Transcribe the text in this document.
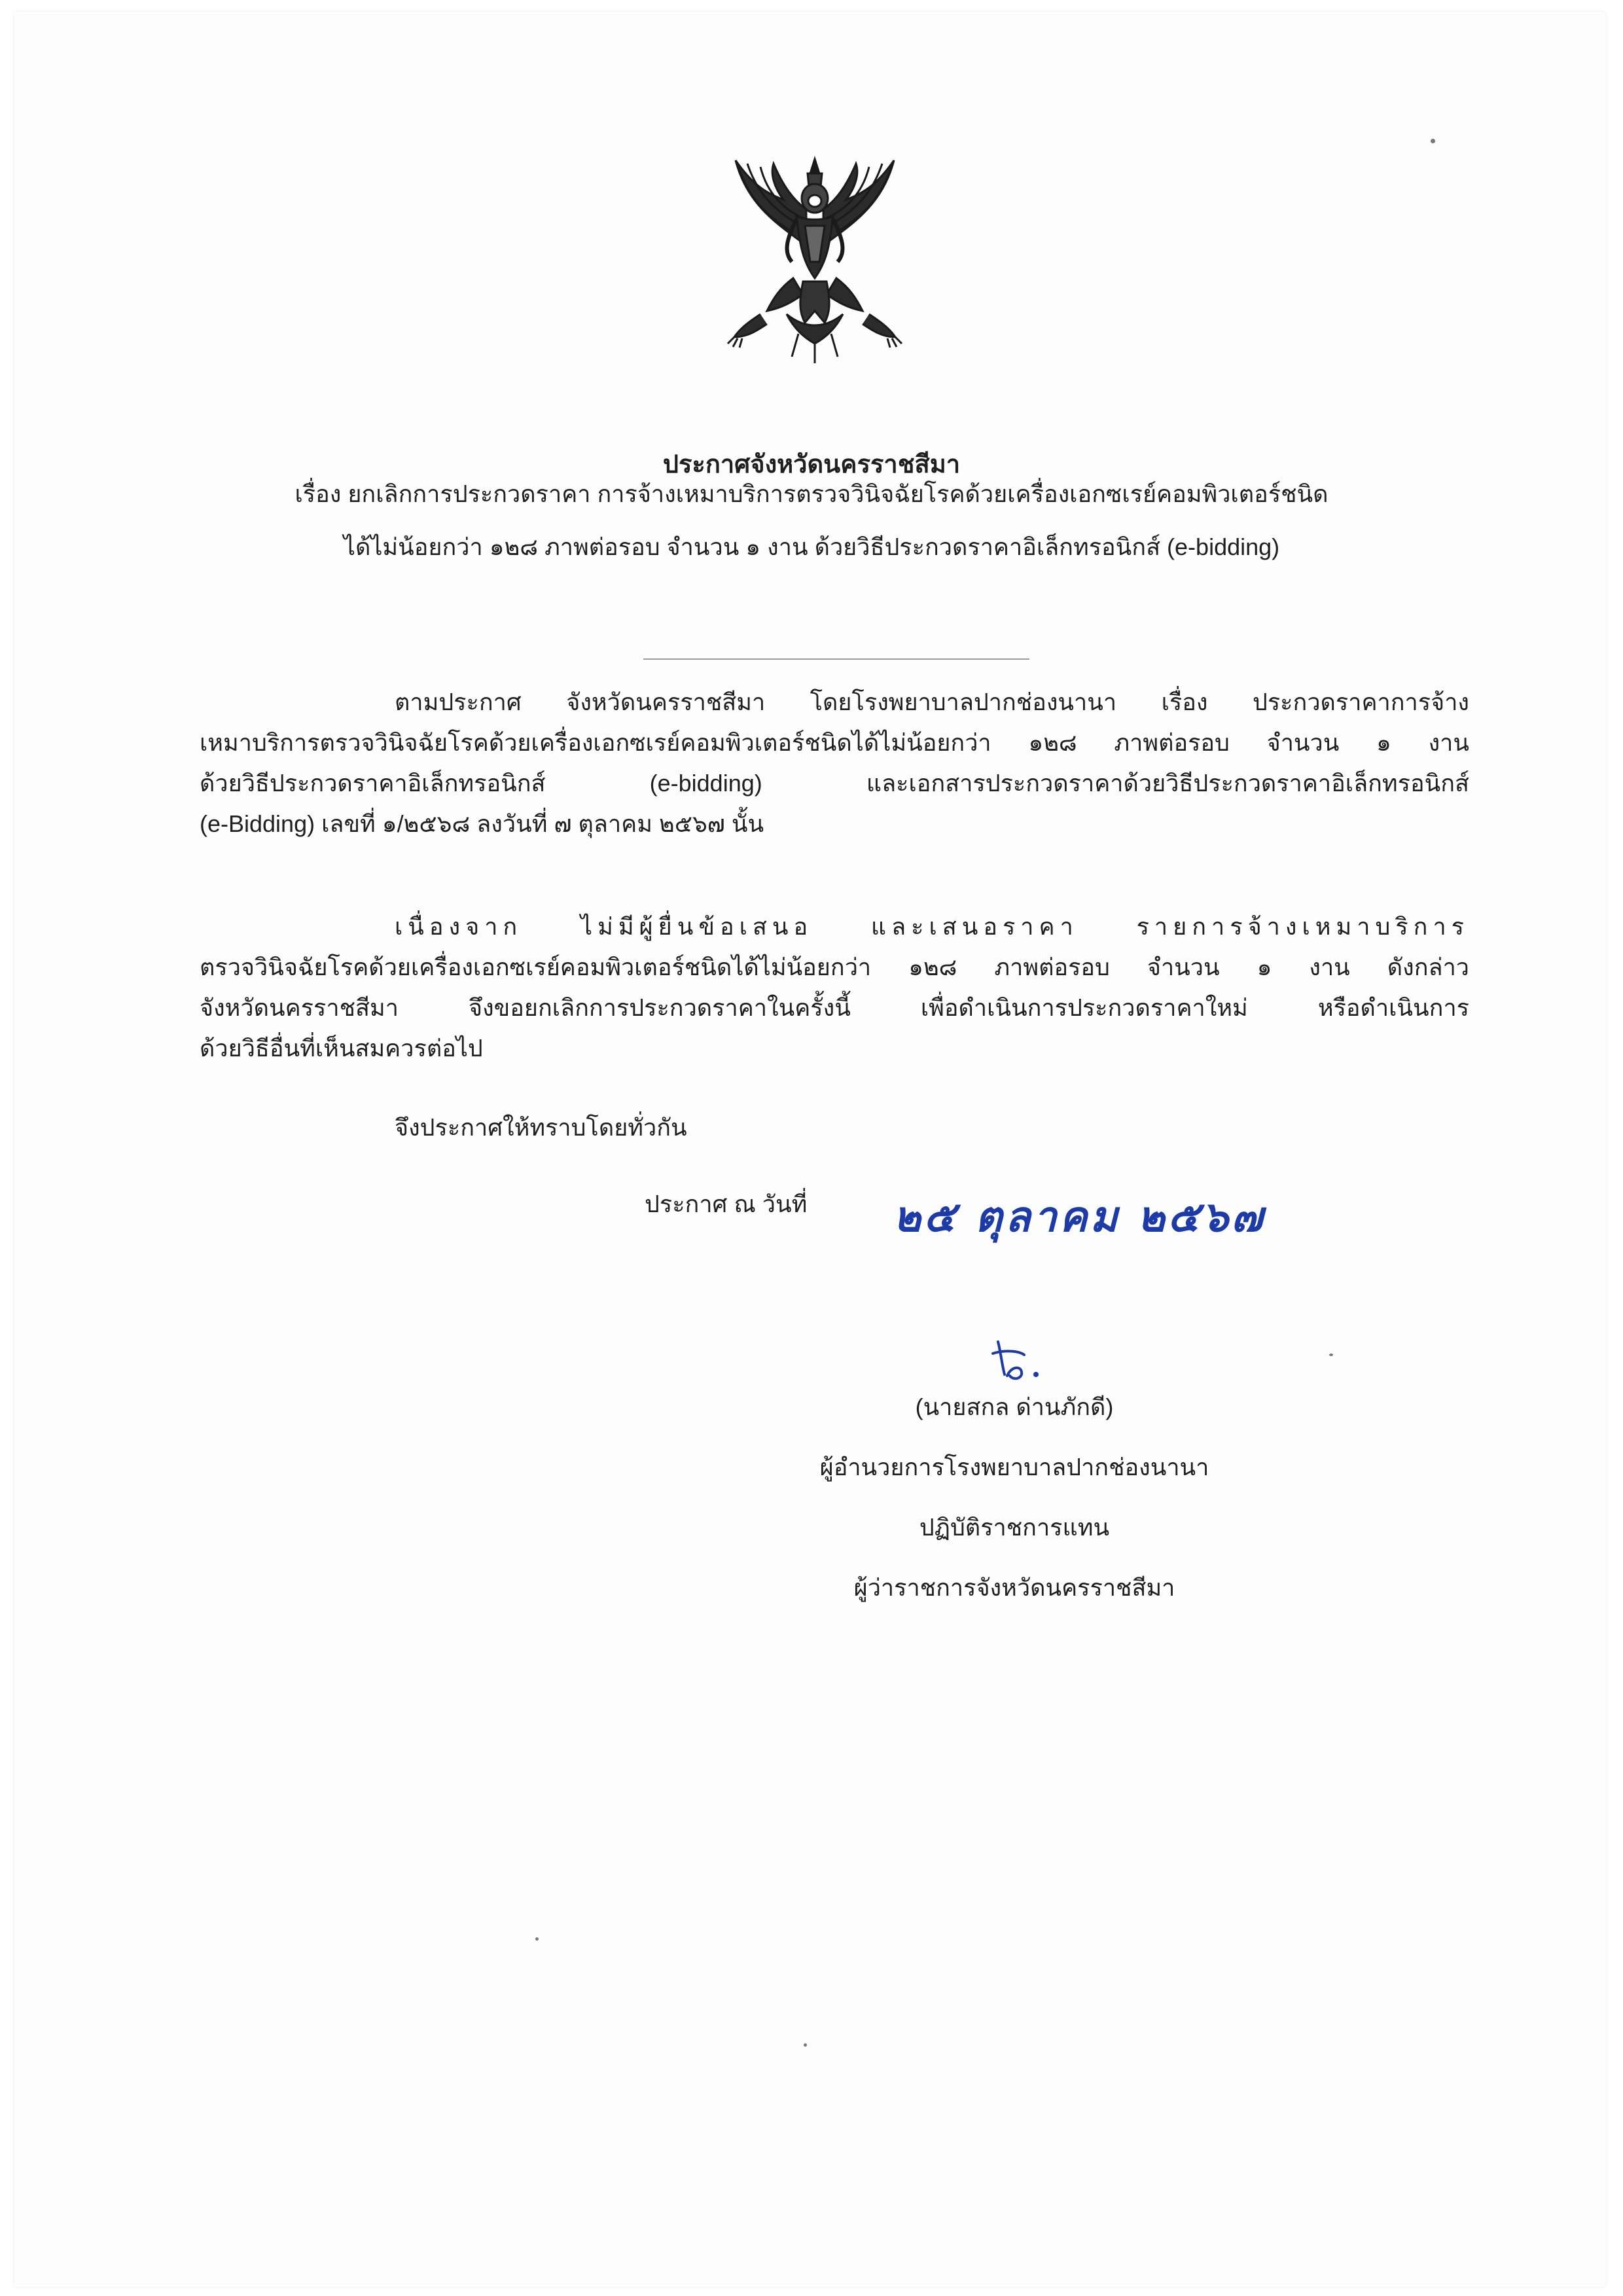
ประกาศจังหวัดนครราชสีมา
เรื่อง ยกเลิกการประกวดราคา การจ้างเหมาบริการตรวจวินิจฉัยโรคด้วยเครื่องเอกซเรย์คอมพิวเตอร์ชนิด
ได้ไม่น้อยกว่า ๑๒๘ ภาพต่อรอบ จำนวน ๑ งาน ด้วยวิธีประกวดราคาอิเล็กทรอนิกส์ (e-bidding)
ตามประกาศ จังหวัดนครราชสีมา โดยโรงพยาบาลปากช่องนานา เรื่อง ประกวดราคาการจ้าง
เหมาบริการตรวจวินิจฉัยโรคด้วยเครื่องเอกซเรย์คอมพิวเตอร์ชนิดได้ไม่น้อยกว่า ๑๒๘ ภาพต่อรอบ จำนวน ๑ งาน
ด้วยวิธีประกวดราคาอิเล็กทรอนิกส์ (e-bidding) และเอกสารประกวดราคาด้วยวิธีประกวดราคาอิเล็กทรอนิกส์
(e-Bidding) เลขที่ ๑/๒๕๖๘ ลงวันที่ ๗ ตุลาคม ๒๕๖๗ นั้น
เนื่องจาก ไม่มีผู้ยื่นข้อเสนอ และเสนอราคา รายการจ้างเหมาบริการ
ตรวจวินิจฉัยโรคด้วยเครื่องเอกซเรย์คอมพิวเตอร์ชนิดได้ไม่น้อยกว่า ๑๒๘ ภาพต่อรอบ จำนวน ๑ งาน ดังกล่าว
จังหวัดนครราชสีมา จึงขอยกเลิกการประกวดราคาในครั้งนี้ เพื่อดำเนินการประกวดราคาใหม่ หรือดำเนินการ
ด้วยวิธีอื่นที่เห็นสมควรต่อไป
จึงประกาศให้ทราบโดยทั่วกัน
ประกาศ ณ วันที่ ๒๕ ตุลาคม ๒๕๖๗
(นายสกล ด่านภักดี)
ผู้อำนวยการโรงพยาบาลปากช่องนานา
ปฏิบัติราชการแทน
ผู้ว่าราชการจังหวัดนครราชสีมา
